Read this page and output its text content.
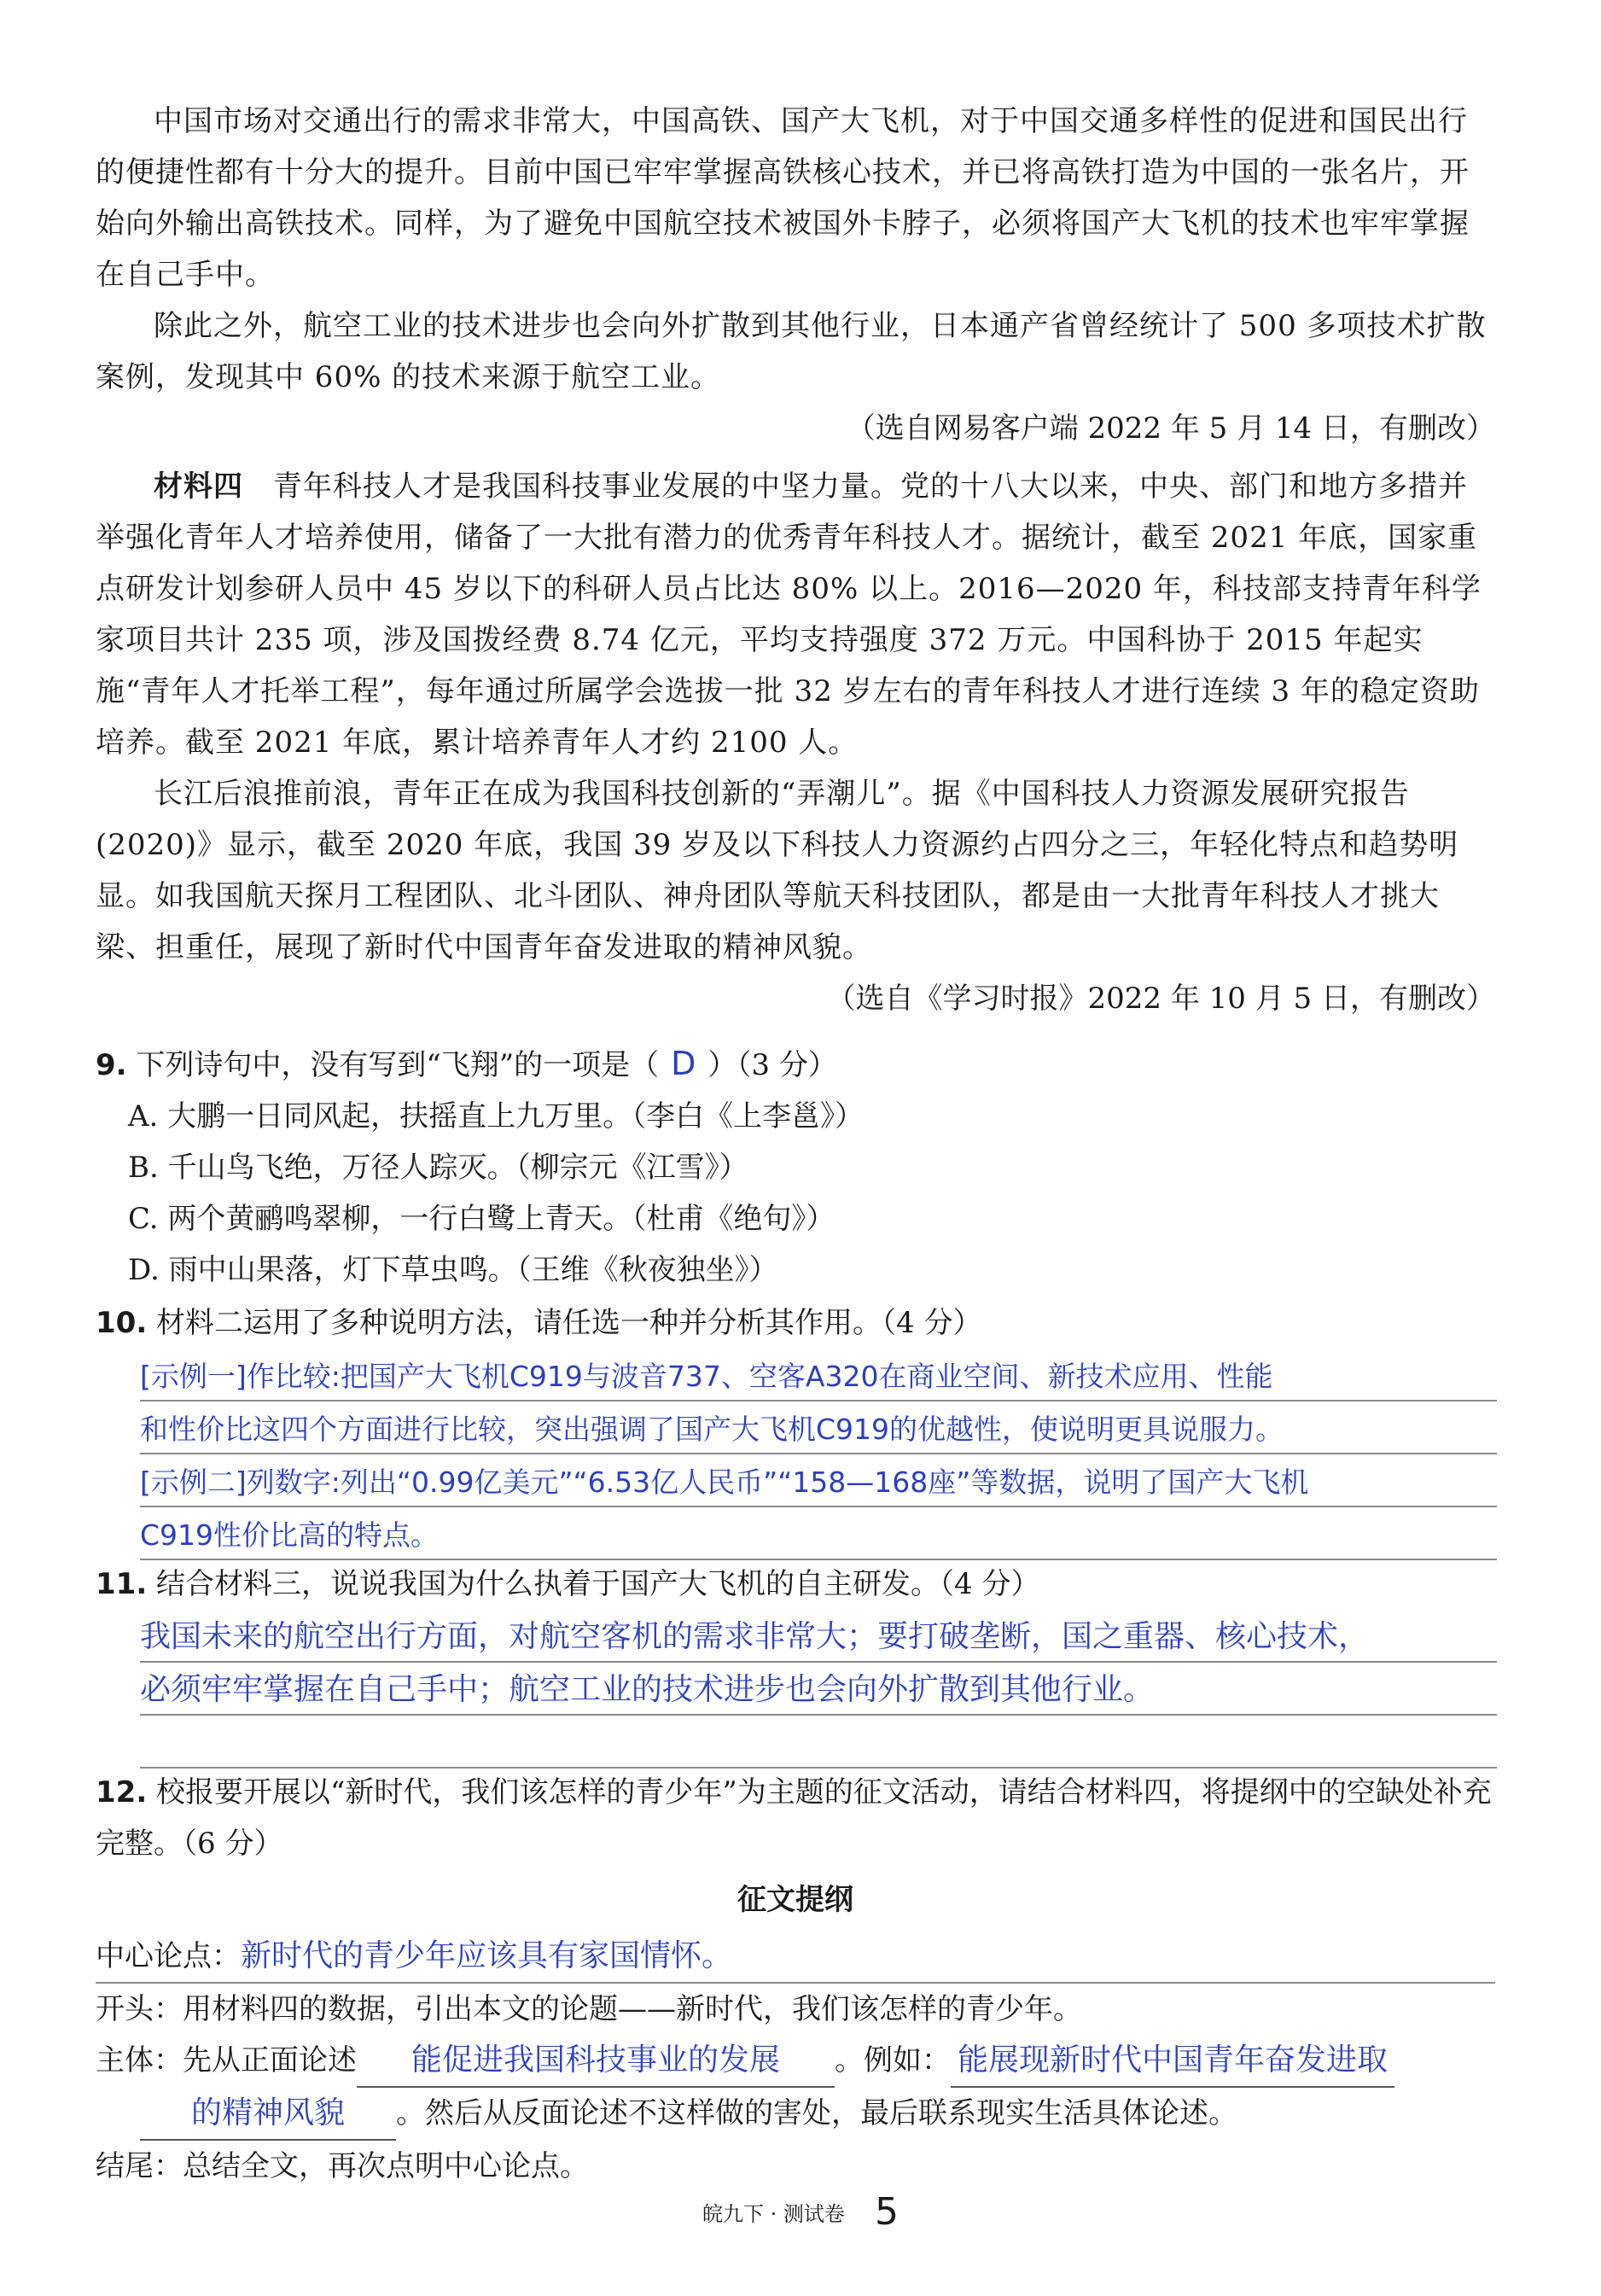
中国市场对交通出行的需求非常大，中国高铁、国产大飞机，对于中国交通多样性的促进和国民出行的便捷性都有十分大的提升。目前中国已牢牢掌握高铁核心技术，并已将高铁打造为中国的一张名片，开始向外输出高铁技术。同样，为了避免中国航空技术被国外卡脖子，必须将国产大飞机的技术也牢牢掌握在自己手中。

除此之外，航空工业的技术进步也会向外扩散到其他行业，日本通产省曾经统计了 500 多项技术扩散案例，发现其中 60% 的技术来源于航空工业。

（选自网易客户端 2022 年 5 月 14 日，有删改）

材料四　 青年科技人才是我国科技事业发展的中坚力量。党的十八大以来，中央、部门和地方多措并举强化青年人才培养使用，储备了一大批有潜力的优秀青年科技人才。据统计，截至 2021 年底，国家重点研发计划参研人员中 45 岁以下的科研人员占比达 80% 以上。2016—2020 年，科技部支持青年科学家项目共计 235 项，涉及国拨经费 8.74 亿元，平均支持强度 372 万元。中国科协于 2015 年起实施“青年人才托举工程”，每年通过所属学会选拔一批 32 岁左右的青年科技人才进行连续 3 年的稳定资助培养。截至 2021 年底，累计培养青年人才约 2100 人。

长江后浪推前浪，青年正在成为我国科技创新的“弄潮儿”。据《中国科技人力资源发展研究报告(2020)》显示，截至 2020 年底，我国 39 岁及以下科技人力资源约占四分之三，年轻化特点和趋势明显。如我国航天探月工程团队、北斗团队、神舟团队等航天科技团队，都是由一大批青年科技人才挑大梁、担重任，展现了新时代中国青年奋发进取的精神风貌。

（选自《学习时报》2022 年 10 月 5 日，有删改）

9. 下列诗句中，没有写到“飞翔”的一项是（ D ）（3 分）

A. 大鹏一日同风起，扶摇直上九万里。（李白《上李邕》）

B. 千山鸟飞绝，万径人踪灭。（柳宗元《江雪》）

C. 两个黄鹂鸣翠柳，一行白鹭上青天。（杜甫《绝句》）

D. 雨中山果落，灯下草虫鸣。（王维《秋夜独坐》）

10. 材料二运用了多种说明方法，请任选一种并分析其作用。（4 分）

[示例一]作比较:把国产大飞机C919与波音737、空客A320在商业空间、新技术应用、性能
和性价比这四个方面进行比较，突出强调了国产大飞机C919的优越性，使说明更具说服力。
[示例二]列数字:列出“0.99亿美元”“6.53亿人民币”“158—168座”等数据，说明了国产大飞机
C919性价比高的特点。

11. 结合材料三，说说我国为什么执着于国产大飞机的自主研发。（4 分）

我国未来的航空出行方面，对航空客机的需求非常大；要打破垄断，国之重器、核心技术，
必须牢牢掌握在自己手中；航空工业的技术进步也会向外扩散到其他行业。

12. 校报要开展以“新时代，我们该怎样的青少年”为主题的征文活动，请结合材料四，将提纲中的空缺处补充完整。（6 分）

征文提纲

中心论点：新时代的青少年应该具有家国情怀。

开头：用材料四的数据，引出本文的论题——新时代，我们该怎样的青少年。

主体：先从正面论述 能促进我国科技事业的发展 。例如： 能展现新时代中国青年奋发进取

的精神风貌 。然后从反面论述不这样做的害处，最后联系现实生活具体论述。

结尾：总结全文，再次点明中心论点。

皖九下 · 测试卷 5
